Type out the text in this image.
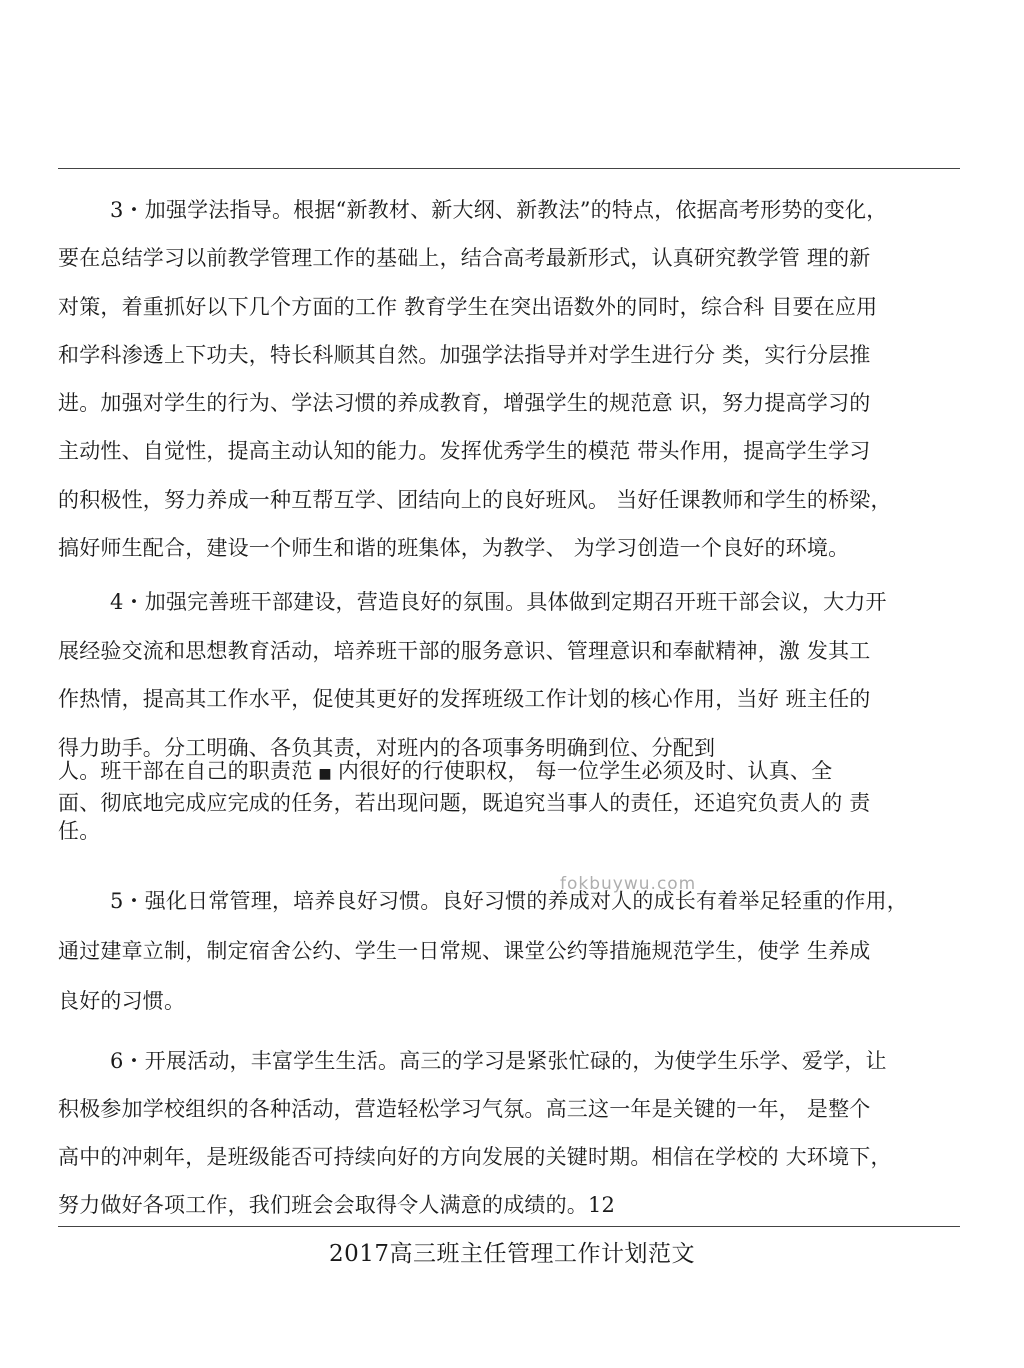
3・加强学法指导。根据“新教材、新大纲、新教法”的特点，依据高考形势的变化，
要在总结学习以前教学管理工作的基础上，结合高考最新形式，认真研究教学管 理的新
对策，着重抓好以下几个方面的工作 教育学生在突出语数外的同时，综合科 目要在应用
和学科渗透上下功夫，特长科顺其自然。加强学法指导并对学生进行分 类，实行分层推
进。加强对学生的行为、学法习惯的养成教育，增强学生的规范意 识，努力提高学习的
主动性、自觉性，提高主动认知的能力。发挥优秀学生的模范 带头作用，提高学生学习
的积极性，努力养成一种互帮互学、团结向上的良好班风。 当好任课教师和学生的桥梁，
搞好师生配合，建设一个师生和谐的班集体，为教学、 为学习创造一个良好的环境。
4・加强完善班干部建设，营造良好的氛围。具体做到定期召开班干部会议，大力开
展经验交流和思想教育活动，培养班干部的服务意识、管理意识和奉献精神，激 发其工
作热情，提高其工作水平，促使其更好的发挥班级工作计划的核心作用，当好 班主任的
得力助手。分工明确、各负其责，对班内的各项事务明确到位、分配到
人。班干部在自己的职责范 ■ 内很好的行使职权， 每一位学生必须及时、认真、全
面、彻底地完成应完成的任务，若出现问题，既追究当事人的责任，还追究负责人的 责
任。
5・强化日常管理，培养良好习惯。良好习惯的养成对人的成长有着举足轻重的作用，
通过建章立制，制定宿舍公约、学生一日常规、课堂公约等措施规范学生，使学 生养成
良好的习惯。
fokbuywu.com
6・开展活动，丰富学生生活。高三的学习是紧张忙碌的，为使学生乐学、爱学，让
积极参加学校组织的各种活动，营造轻松学习气氛。高三这一年是关键的一年， 是整个
高中的冲刺年，是班级能否可持续向好的方向发展的关键时期。相信在学校的 大环境下，
努力做好各项工作，我们班会会取得令人满意的成绩的。12
2017高三班主任管理工作计划范文
